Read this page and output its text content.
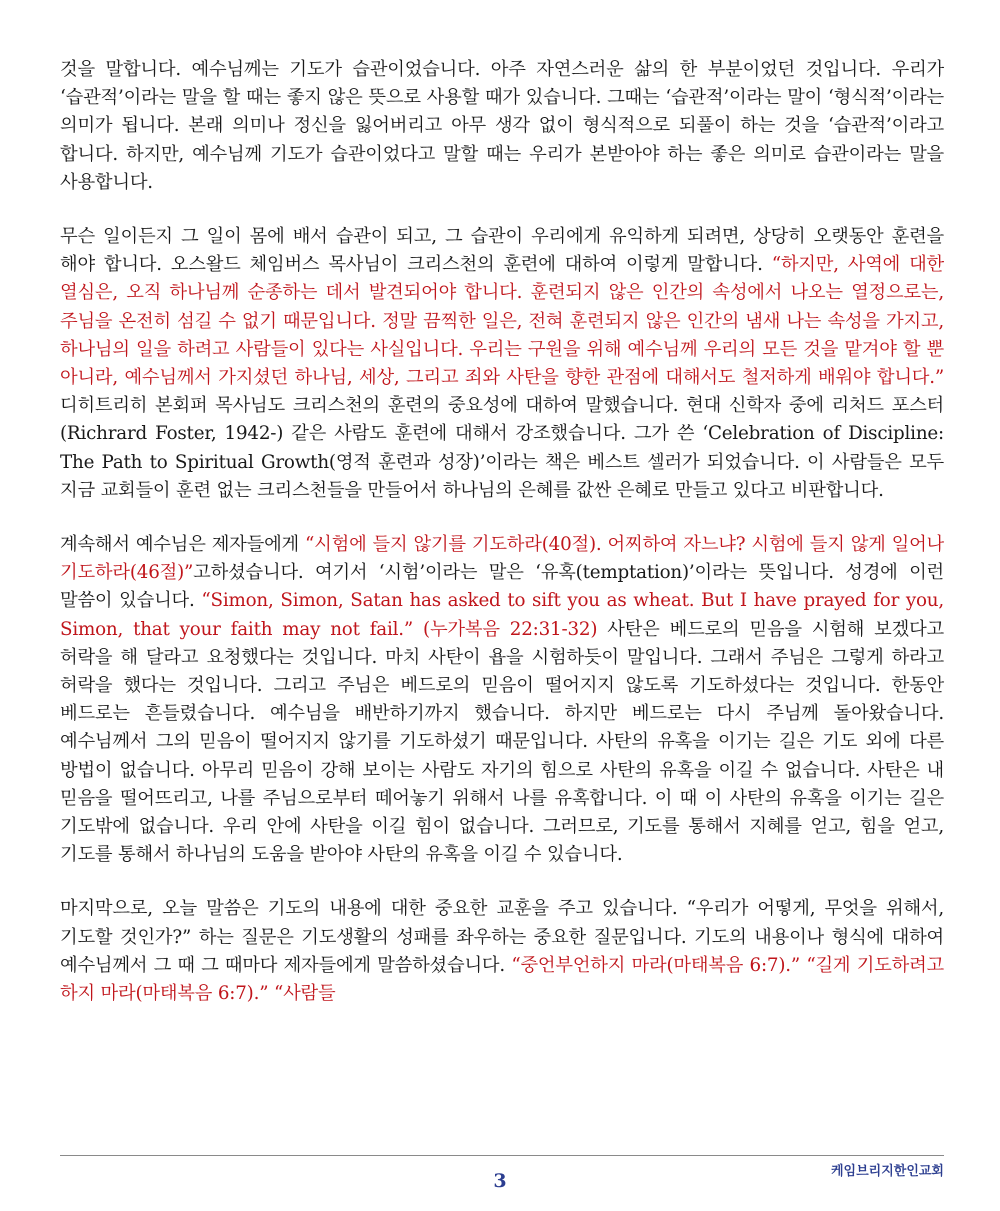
것을 말합니다. 예수님께는 기도가 습관이었습니다. 아주 자연스러운 삶의 한 부분이었던 것입니다. 우리가 ‘습관적’이라는 말을 할 때는 좋지 않은 뜻으로 사용할 때가 있습니다. 그때는 ‘습관적’이라는 말이 ‘형식적’이라는 의미가 됩니다. 본래 의미나 정신을 잃어버리고 아무 생각 없이 형식적으로 되풀이 하는 것을 ‘습관적’이라고 합니다. 하지만, 예수님께 기도가 습관이었다고 말할 때는 우리가 본받아야 하는 좋은 의미로 습관이라는 말을 사용합니다.

무슨 일이든지 그 일이 몸에 배서 습관이 되고, 그 습관이 우리에게 유익하게 되려면, 상당히 오랫동안 훈련을 해야 합니다. 오스왈드 체임버스 목사님이 크리스천의 훈련에 대하여 이렇게 말합니다. “하지만, 사역에 대한 열심은, 오직 하나님께 순종하는 데서 발견되어야 합니다. 훈련되지 않은 인간의 속성에서 나오는 열정으로는, 주님을 온전히 섬길 수 없기 때문입니다. 정말 끔찍한 일은, 전혀 훈련되지 않은 인간의 냄새 나는 속성을 가지고, 하나님의 일을 하려고 사람들이 있다는 사실입니다. 우리는 구원을 위해 예수님께 우리의 모든 것을 맡겨야 할 뿐 아니라, 예수님께서 가지셨던 하나님, 세상, 그리고 죄와 사탄을 향한 관점에 대해서도 철저하게 배워야 합니다.” 디히트리히 본회퍼 목사님도 크리스천의 훈련의 중요성에 대하여 말했습니다. 현대 신학자 중에 리처드 포스터(Richrard Foster, 1942-) 같은 사람도 훈련에 대해서 강조했습니다. 그가 쓴 ‘Celebration of Discipline: The Path to Spiritual Growth(영적 훈련과 성장)’이라는 책은 베스트 셀러가 되었습니다. 이 사람들은 모두 지금 교회들이 훈련 없는 크리스천들을 만들어서 하나님의 은혜를 값싼 은혜로 만들고 있다고 비판합니다.

계속해서 예수님은 제자들에게 “시험에 들지 않기를 기도하라(40절). 어찌하여 자느냐? 시험에 들지 않게 일어나 기도하라(46절)”고하셨습니다. 여기서 ‘시험’이라는 말은 ‘유혹(temptation)’이라는 뜻입니다. 성경에 이런 말씀이 있습니다. “Simon, Simon, Satan has asked to sift you as wheat. But I have prayed for you, Simon, that your faith may not fail.” (누가복음 22:31-32) 사탄은 베드로의 믿음을 시험해 보겠다고 허락을 해 달라고 요청했다는 것입니다. 마치 사탄이 욥을 시험하듯이 말입니다. 그래서 주님은 그렇게 하라고 허락을 했다는 것입니다. 그리고 주님은 베드로의 믿음이 떨어지지 않도록 기도하셨다는 것입니다. 한동안 베드로는 흔들렸습니다. 예수님을 배반하기까지 했습니다. 하지만 베드로는 다시 주님께 돌아왔습니다. 예수님께서 그의 믿음이 떨어지지 않기를 기도하셨기 때문입니다. 사탄의 유혹을 이기는 길은 기도 외에 다른 방법이 없습니다. 아무리 믿음이 강해 보이는 사람도 자기의 힘으로 사탄의 유혹을 이길 수 없습니다. 사탄은 내 믿음을 떨어뜨리고, 나를 주님으로부터 떼어놓기 위해서 나를 유혹합니다. 이 때 이 사탄의 유혹을 이기는 길은 기도밖에 없습니다. 우리 안에 사탄을 이길 힘이 없습니다. 그러므로, 기도를 통해서 지혜를 얻고, 힘을 얻고, 기도를 통해서 하나님의 도움을 받아야 사탄의 유혹을 이길 수 있습니다.

마지막으로, 오늘 말씀은 기도의 내용에 대한 중요한 교훈을 주고 있습니다. “우리가 어떻게, 무엇을 위해서, 기도할 것인가?” 하는 질문은 기도생활의 성패를 좌우하는 중요한 질문입니다. 기도의 내용이나 형식에 대하여 예수님께서 그 때 그 때마다 제자들에게 말씀하셨습니다. “중언부언하지 마라(마태복음 6:7).” “길게 기도하려고 하지 마라(마태복음 6:7).” “사람들

3	케임브리지한인교회
